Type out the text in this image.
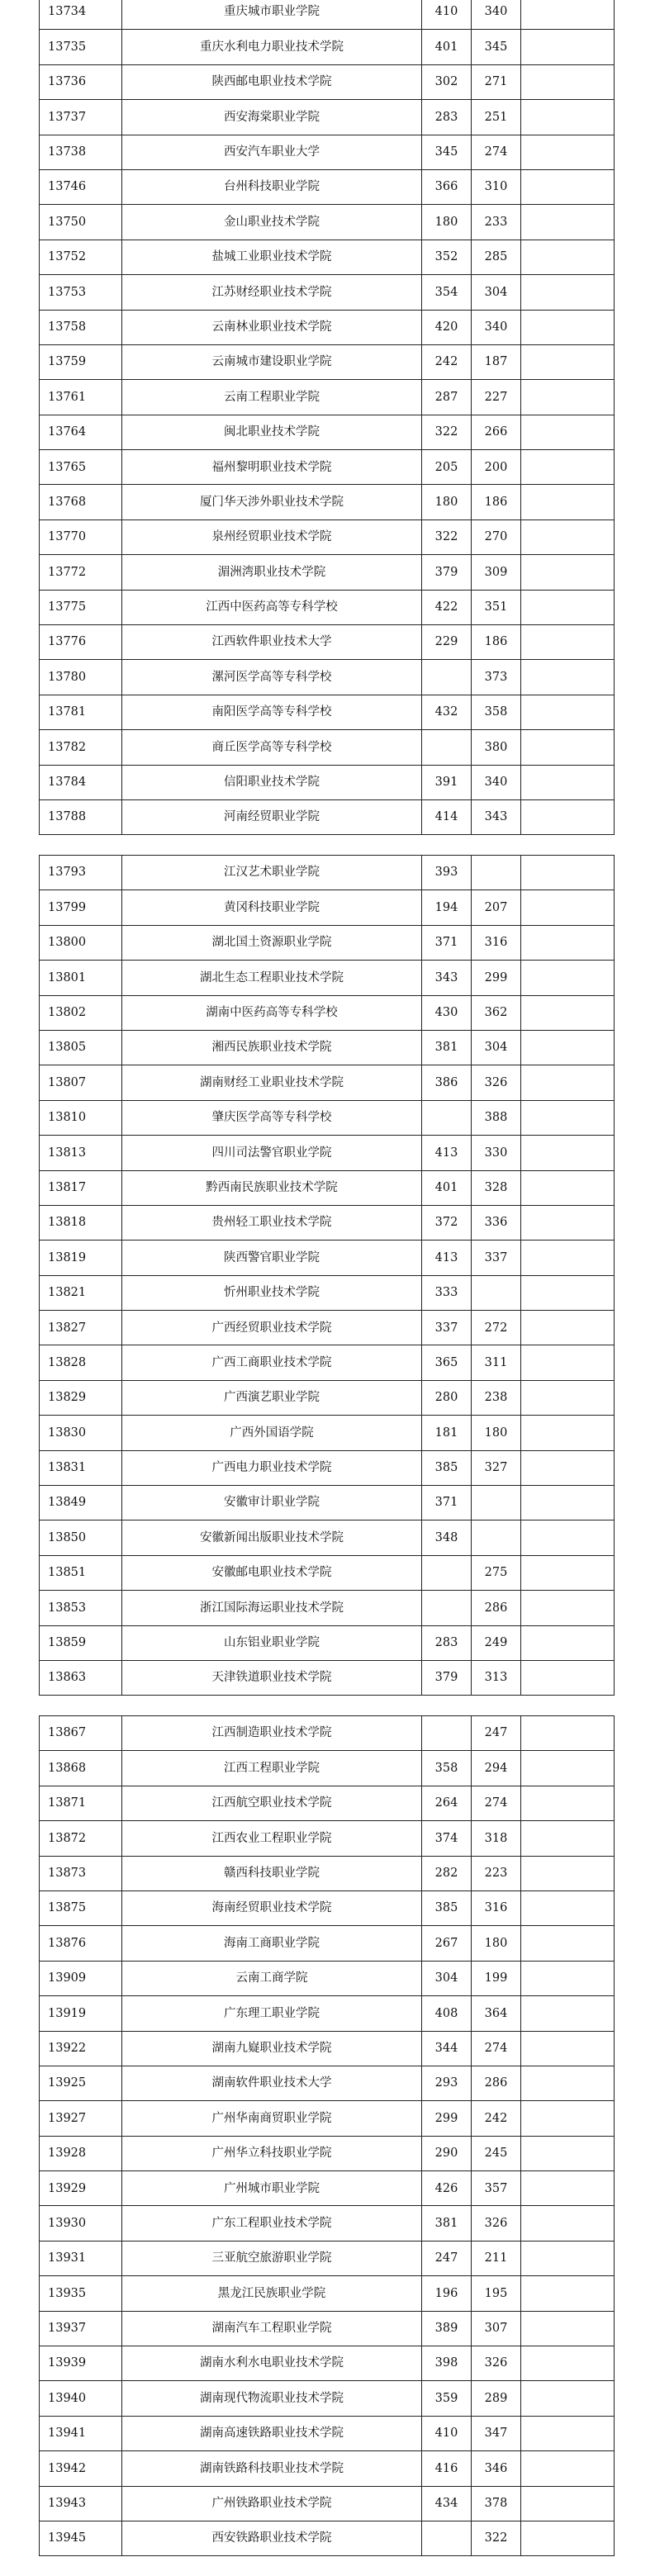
13734	重庆城市职业学院	410	340	
13735	重庆水利电力职业技术学院	401	345	
13736	陕西邮电职业技术学院	302	271	
13737	西安海棠职业学院	283	251	
13738	西安汽车职业大学	345	274	
13746	台州科技职业学院	366	310	
13750	金山职业技术学院	180	233	
13752	盐城工业职业技术学院	352	285	
13753	江苏财经职业技术学院	354	304	
13758	云南林业职业技术学院	420	340	
13759	云南城市建设职业学院	242	187	
13761	云南工程职业学院	287	227	
13764	闽北职业技术学院	322	266	
13765	福州黎明职业技术学院	205	200	
13768	厦门华天涉外职业技术学院	180	186	
13770	泉州经贸职业技术学院	322	270	
13772	湄洲湾职业技术学院	379	309	
13775	江西中医药高等专科学校	422	351	
13776	江西软件职业技术大学	229	186	
13780	漯河医学高等专科学校		373	
13781	南阳医学高等专科学校	432	358	
13782	商丘医学高等专科学校		380	
13784	信阳职业技术学院	391	340	
13788	河南经贸职业学院	414	343	
13793	江汉艺术职业学院	393		
13799	黄冈科技职业学院	194	207	
13800	湖北国土资源职业学院	371	316	
13801	湖北生态工程职业技术学院	343	299	
13802	湖南中医药高等专科学校	430	362	
13805	湘西民族职业技术学院	381	304	
13807	湖南财经工业职业技术学院	386	326	
13810	肇庆医学高等专科学校		388	
13813	四川司法警官职业学院	413	330	
13817	黔西南民族职业技术学院	401	328	
13818	贵州轻工职业技术学院	372	336	
13819	陕西警官职业学院	413	337	
13821	忻州职业技术学院	333		
13827	广西经贸职业技术学院	337	272	
13828	广西工商职业技术学院	365	311	
13829	广西演艺职业学院	280	238	
13830	广西外国语学院	181	180	
13831	广西电力职业技术学院	385	327	
13849	安徽审计职业学院	371		
13850	安徽新闻出版职业技术学院	348		
13851	安徽邮电职业技术学院		275	
13853	浙江国际海运职业技术学院		286	
13859	山东铝业职业学院	283	249	
13863	天津铁道职业技术学院	379	313	
13867	江西制造职业技术学院		247	
13868	江西工程职业学院	358	294	
13871	江西航空职业技术学院	264	274	
13872	江西农业工程职业学院	374	318	
13873	赣西科技职业学院	282	223	
13875	海南经贸职业技术学院	385	316	
13876	海南工商职业学院	267	180	
13909	云南工商学院	304	199	
13919	广东理工职业学院	408	364	
13922	湖南九嶷职业技术学院	344	274	
13925	湖南软件职业技术大学	293	286	
13927	广州华南商贸职业学院	299	242	
13928	广州华立科技职业学院	290	245	
13929	广州城市职业学院	426	357	
13930	广东工程职业技术学院	381	326	
13931	三亚航空旅游职业学院	247	211	
13935	黑龙江民族职业学院	196	195	
13937	湖南汽车工程职业学院	389	307	
13939	湖南水利水电职业技术学院	398	326	
13940	湖南现代物流职业技术学院	359	289	
13941	湖南高速铁路职业技术学院	410	347	
13942	湖南铁路科技职业技术学院	416	346	
13943	广州铁路职业技术学院	434	378	
13945	西安铁路职业技术学院		322	
